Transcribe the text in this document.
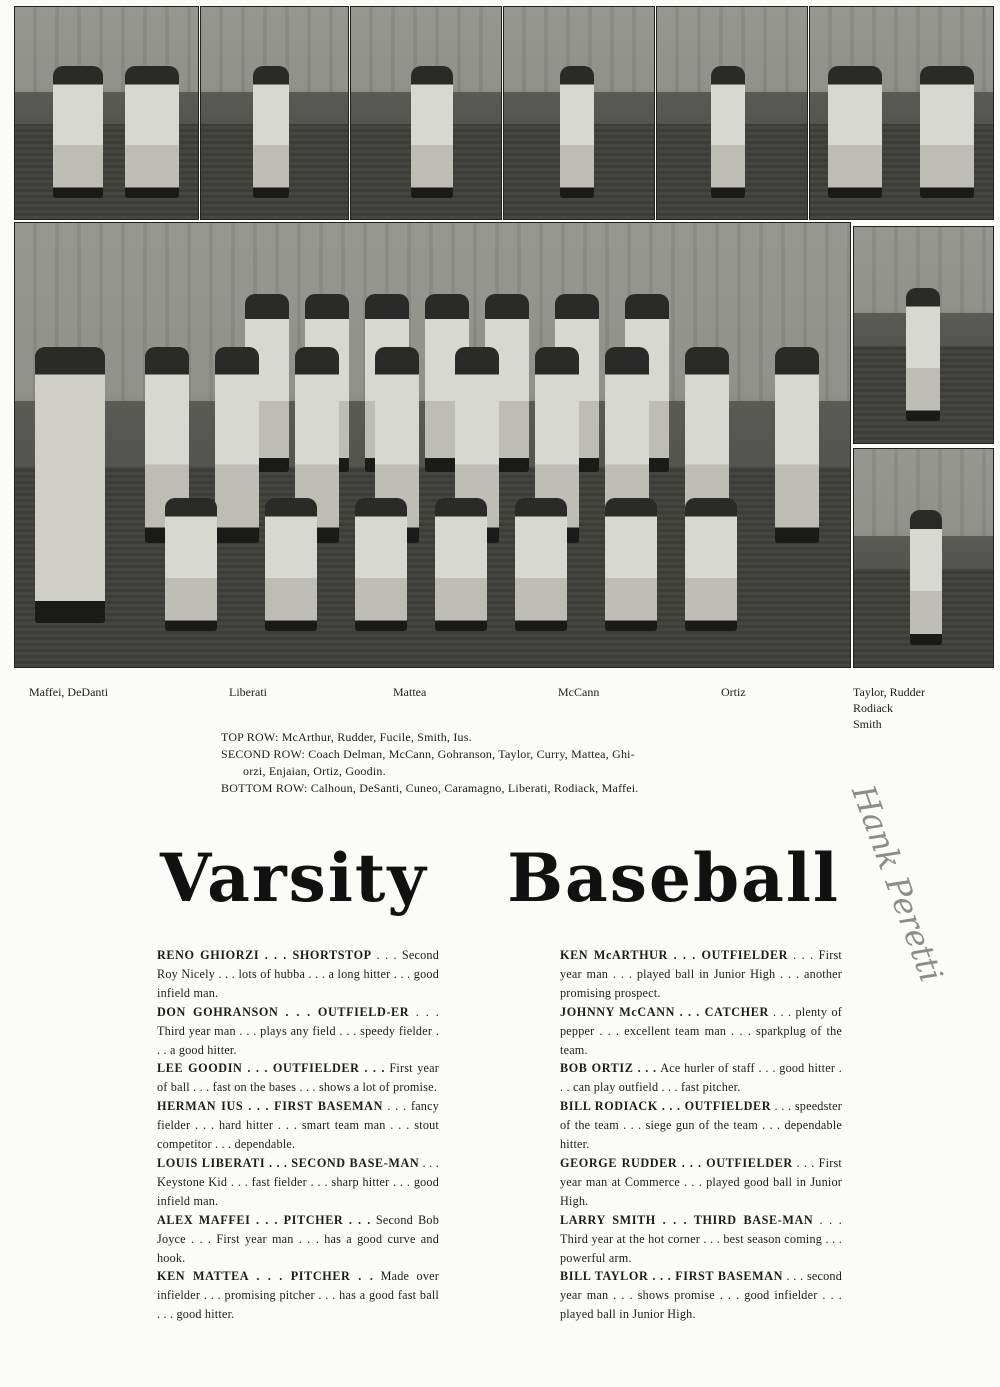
Maffei, DeDanti	Liberati	Mattea	McCann	Ortiz	Taylor, Rudder
Rodiack
Smith
TOP ROW: McArthur, Rudder, Fucile, Smith, Ius.
SECOND ROW: Coach Delman, McCann, Gohranson, Taylor, Curry, Mattea, Ghi-
orzi, Enjaian, Ortiz, Goodin.
BOTTOM ROW: Calhoun, DeSanti, Cuneo, Caramagno, Liberati, Rodiack, Maffei.	Hank Peretti
Varsity Baseball
RENO GHIORZI . . . SHORTSTOP . . . Second Roy Nicely . . . lots of hubba . . . a long hitter . . . good infield man.
DON GOHRANSON . . . OUTFIELD-ER . . . Third year man . . . plays any field . . . speedy fielder . . . a good hitter.
LEE GOODIN . . . OUTFIELDER . . . First year of ball . . . fast on the bases . . . shows a lot of promise.
HERMAN IUS . . . FIRST BASEMAN . . . fancy fielder . . . hard hitter . . . smart team man . . . stout competitor . . . dependable.
LOUIS LIBERATI . . . SECOND BASE-MAN . . . Keystone Kid . . . fast fielder . . . sharp hitter . . . good infield man.
ALEX MAFFEI . . . PITCHER . . . Second Bob Joyce . . . First year man . . . has a good curve and hook.
KEN MATTEA . . . PITCHER . . Made over infielder . . . promising pitcher . . . has a good fast ball . . . good hitter.
KEN McARTHUR . . . OUTFIELDER . . . First year man . . . played ball in Junior High . . . another promising prospect.
JOHNNY McCANN . . . CATCHER . . . plenty of pepper . . . excellent team man . . . sparkplug of the team.
BOB ORTIZ . . . Ace hurler of staff . . . good hitter . . . can play outfield . . . fast pitcher.
BILL RODIACK . . . OUTFIELDER . . . speedster of the team . . . siege gun of the team . . . dependable hitter.
GEORGE RUDDER . . . OUTFIELDER . . . First year man at Commerce . . . played good ball in Junior High.
LARRY SMITH . . . THIRD BASE-MAN . . . Third year at the hot corner . . . best season coming . . . powerful arm.
BILL TAYLOR . . . FIRST BASEMAN . . . second year man . . . shows promise . . . good infielder . . . played ball in Junior High.
